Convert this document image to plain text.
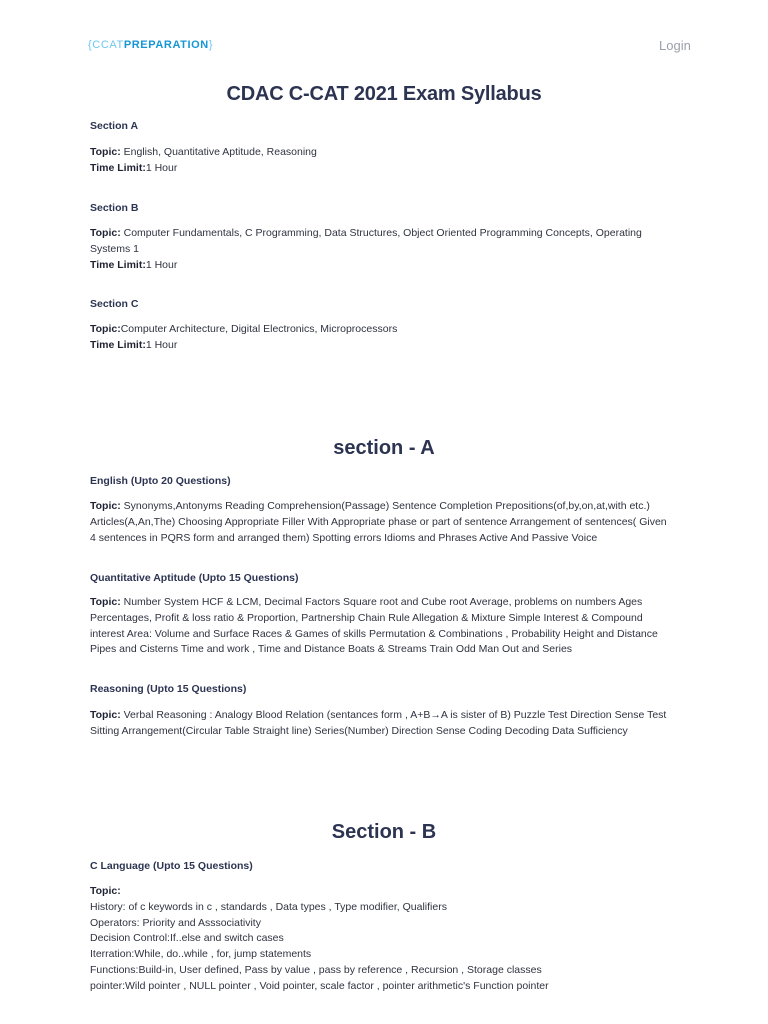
{CCATPREPARATION}	Login
CDAC C-CAT 2021 Exam Syllabus
Section A
Topic: English, Quantitative Aptitude, Reasoning
Time Limit:1 Hour
Section B
Topic: Computer Fundamentals, C Programming, Data Structures, Object Oriented Programming Concepts, Operating Systems 1
Time Limit:1 Hour
Section C
Topic:Computer Architecture, Digital Electronics, Microprocessors
Time Limit:1 Hour
section - A
English (Upto 20 Questions)
Topic: Synonyms,Antonyms Reading Comprehension(Passage) Sentence Completion Prepositions(of,by,on,at,with etc.) Articles(A,An,The) Choosing Appropriate Filler With Appropriate phase or part of sentence Arrangement of sentences( Given 4 sentences in PQRS form and arranged them) Spotting errors Idioms and Phrases Active And Passive Voice
Quantitative Aptitude (Upto 15 Questions)
Topic: Number System HCF & LCM, Decimal Factors Square root and Cube root Average, problems on numbers Ages Percentages, Profit & loss ratio & Proportion, Partnership Chain Rule Allegation & Mixture Simple Interest & Compound interest Area: Volume and Surface Races & Games of skills Permutation & Combinations , Probability Height and Distance Pipes and Cisterns Time and work , Time and Distance Boats & Streams Train Odd Man Out and Series
Reasoning (Upto 15 Questions)
Topic: Verbal Reasoning : Analogy Blood Relation (sentances form , A+B→A is sister of B) Puzzle Test Direction Sense Test Sitting Arrangement(Circular Table Straight line) Series(Number) Direction Sense Coding Decoding Data Sufficiency
Section - B
C Language (Upto 15 Questions)
Topic:
History: of c keywords in c , standards , Data types , Type modifier, Qualifiers
Operators: Priority and Asssociativity
Decision Control:If..else and switch cases
Iterration:While, do..while , for, jump statements
Functions:Build-in, User defined, Pass by value , pass by reference , Recursion , Storage classes
pointer:Wild pointer , NULL pointer , Void pointer, scale factor , pointer arithmetic's Function pointer
